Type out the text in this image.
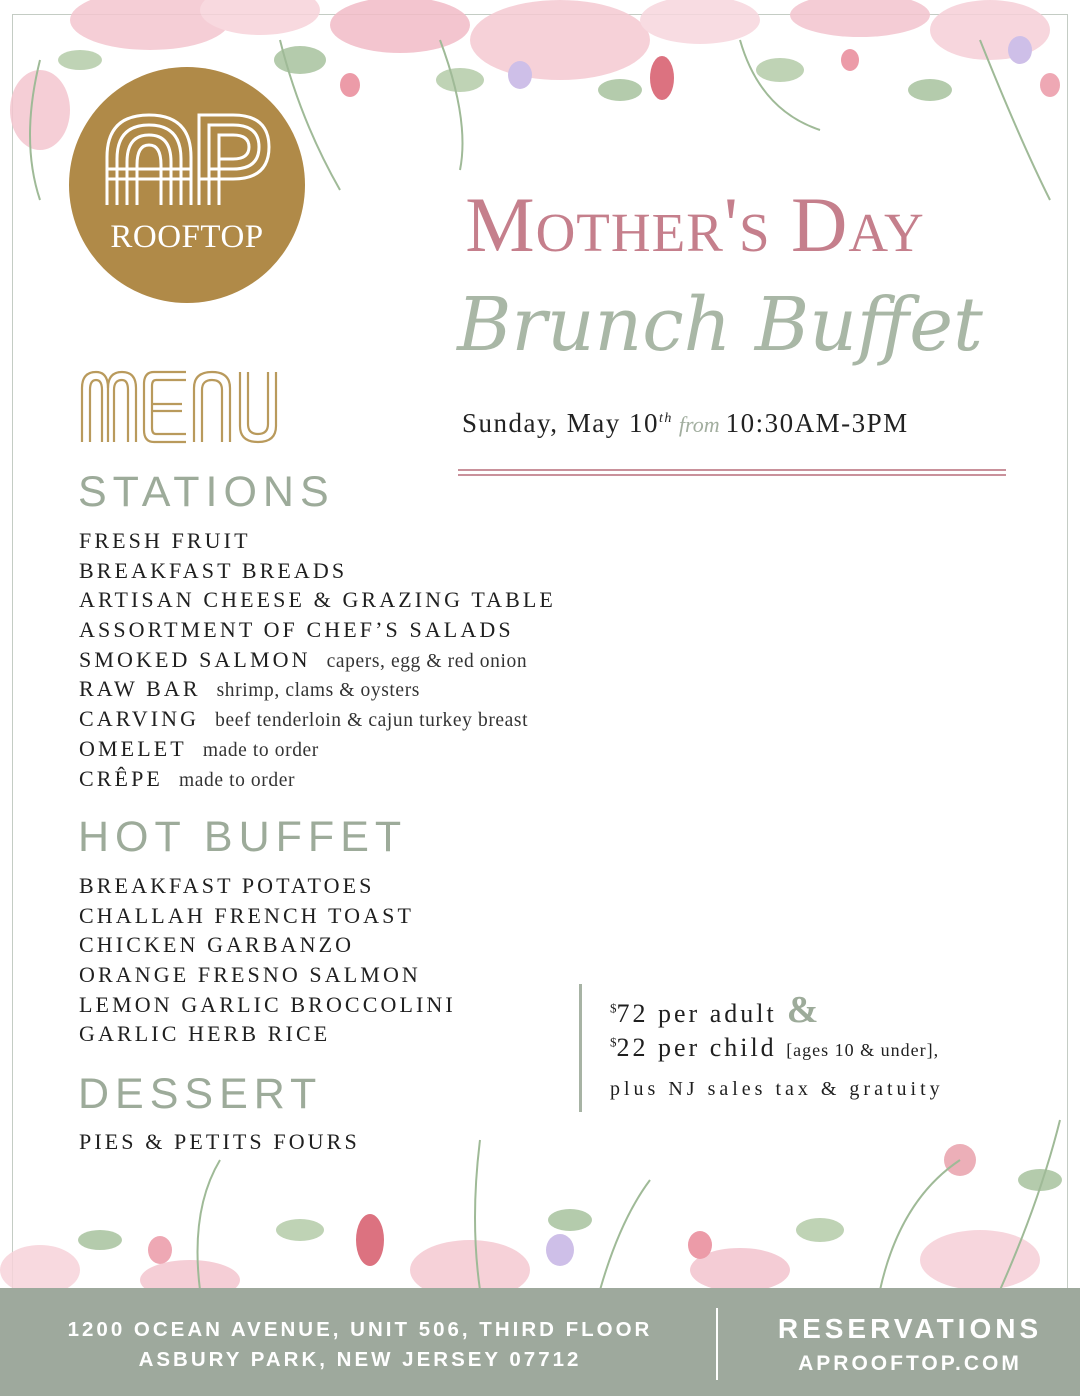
ROOFTOP	Mother's Day
Brunch Buffet
Sunday, May 10th from 10:30AM-3PM
MENU
STATIONS
FRESH FRUIT
BREAKFAST BREADS
ARTISAN CHEESE & GRAZING TABLE
ASSORTMENT OF CHEF’S SALADS
SMOKED SALMON capers, egg & red onion
RAW BAR shrimp, clams & oysters
CARVING beef tenderloin & cajun turkey breast
OMELET made to order
CRÊPE made to order
HOT BUFFET
BREAKFAST POTATOES
CHALLAH FRENCH TOAST
CHICKEN GARBANZO
ORANGE FRESNO SALMON
LEMON GARLIC BROCCOLINI
GARLIC HERB RICE
DESSERT
PIES & PETITS FOURS
$72 per adult &
$22 per child [ages 10 & under],
plus NJ sales tax & gratuity
1200 OCEAN AVENUE, UNIT 506, THIRD FLOOR
ASBURY PARK, NEW JERSEY 07712
RESERVATIONS
APROOFTOP.COM
